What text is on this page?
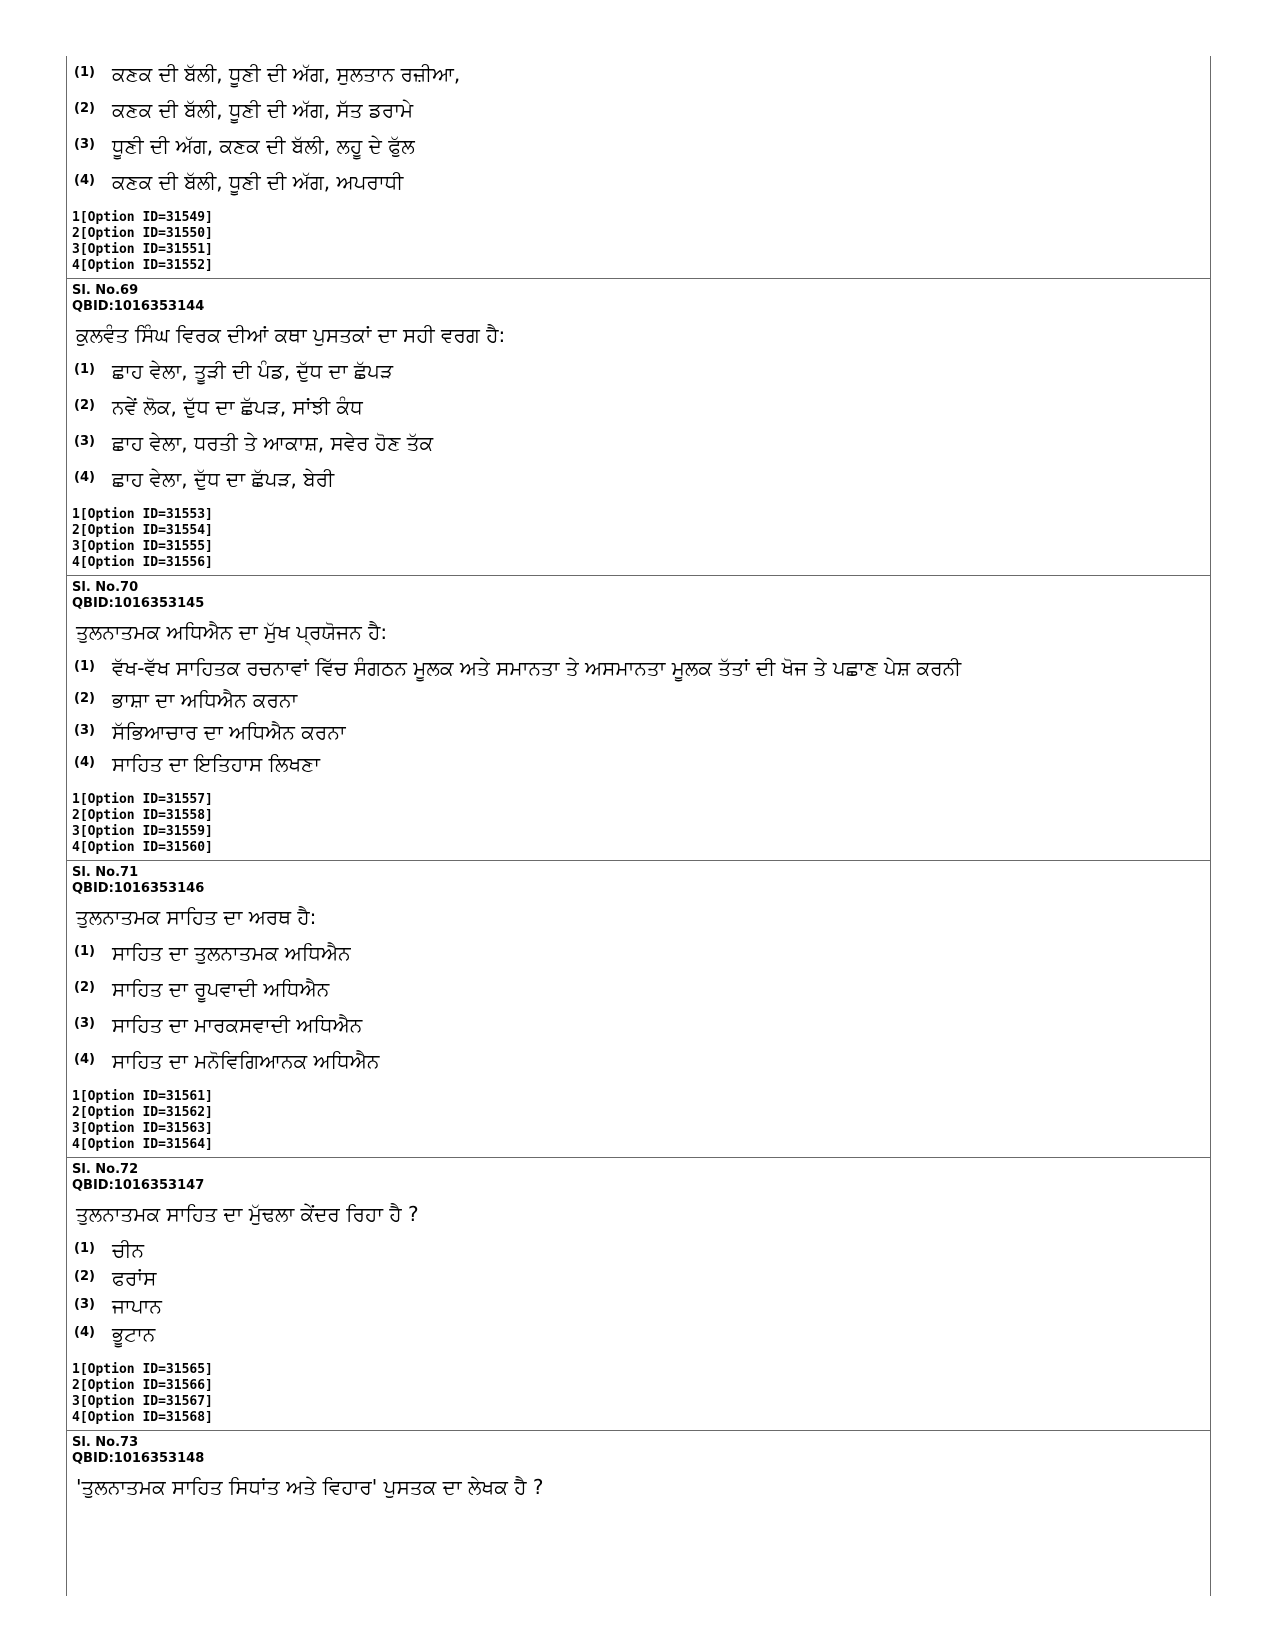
(1) ਕਣਕ ਦੀ ਬੱਲੀ, ਧੂਣੀ ਦੀ ਅੱਗ, ਸੁਲਤਾਨ ਰਜ਼ੀਆ,
(2) ਕਣਕ ਦੀ ਬੱਲੀ, ਧੂਣੀ ਦੀ ਅੱਗ, ਸੱਤ ਡਰਾਮੇ
(3) ਧੂਣੀ ਦੀ ਅੱਗ, ਕਣਕ ਦੀ ਬੱਲੀ, ਲਹੂ ਦੇ ਫੁੱਲ
(4) ਕਣਕ ਦੀ ਬੱਲੀ, ਧੂਣੀ ਦੀ ਅੱਗ, ਅਪਰਾਧੀ
1[Option ID=31549]
2[Option ID=31550]
3[Option ID=31551]
4[Option ID=31552]
Sl. No.69
QBID:1016353144
ਕੁਲਵੰਤ ਸਿੰਘ ਵਿਰਕ ਦੀਆਂ ਕਥਾ ਪੁਸਤਕਾਂ ਦਾ ਸਹੀ ਵਰਗ ਹੈ:
(1) ਛਾਹ ਵੇਲਾ, ਤੂੜੀ ਦੀ ਪੰਡ, ਦੁੱਧ ਦਾ ਛੱਪੜ
(2) ਨਵੇਂ ਲੋਕ, ਦੁੱਧ ਦਾ ਛੱਪੜ, ਸਾਂਝੀ ਕੰਧ
(3) ਛਾਹ ਵੇਲਾ, ਧਰਤੀ ਤੇ ਆਕਾਸ਼, ਸਵੇਰ ਹੋਣ ਤੱਕ
(4) ਛਾਹ ਵੇਲਾ, ਦੁੱਧ ਦਾ ਛੱਪੜ, ਬੇਰੀ
1[Option ID=31553]
2[Option ID=31554]
3[Option ID=31555]
4[Option ID=31556]
Sl. No.70
QBID:1016353145
ਤੁਲਨਾਤਮਕ ਅਧਿਐਨ ਦਾ ਮੁੱਖ ਪ੍ਰਯੋਜਨ ਹੈ:
(1) ਵੱਖ-ਵੱਖ ਸਾਹਿਤਕ ਰਚਨਾਵਾਂ ਵਿੱਚ ਸੰਗਠਨ ਮੂਲਕ ਅਤੇ ਸਮਾਨਤਾ ਤੇ ਅਸਮਾਨਤਾ ਮੂਲਕ ਤੱਤਾਂ ਦੀ ਖੋਜ ਤੇ ਪਛਾਣ ਪੇਸ਼ ਕਰਨੀ
(2) ਭਾਸ਼ਾ ਦਾ ਅਧਿਐਨ ਕਰਨਾ
(3) ਸੱਭਿਆਚਾਰ ਦਾ ਅਧਿਐਨ ਕਰਨਾ
(4) ਸਾਹਿਤ ਦਾ ਇਤਿਹਾਸ ਲਿਖਣਾ
1[Option ID=31557]
2[Option ID=31558]
3[Option ID=31559]
4[Option ID=31560]
Sl. No.71
QBID:1016353146
ਤੁਲਨਾਤਮਕ ਸਾਹਿਤ ਦਾ ਅਰਥ ਹੈ:
(1) ਸਾਹਿਤ ਦਾ ਤੁਲਨਾਤਮਕ ਅਧਿਐਨ
(2) ਸਾਹਿਤ ਦਾ ਰੂਪਵਾਦੀ ਅਧਿਐਨ
(3) ਸਾਹਿਤ ਦਾ ਮਾਰਕਸਵਾਦੀ ਅਧਿਐਨ
(4) ਸਾਹਿਤ ਦਾ ਮਨੋਵਿਗਿਆਨਕ ਅਧਿਐਨ
1[Option ID=31561]
2[Option ID=31562]
3[Option ID=31563]
4[Option ID=31564]
Sl. No.72
QBID:1016353147
ਤੁਲਨਾਤਮਕ ਸਾਹਿਤ ਦਾ ਮੁੱਢਲਾ ਕੇਂਦਰ ਰਿਹਾ ਹੈ ?
(1) ਚੀਨ
(2) ਫਰਾਂਸ
(3) ਜਾਪਾਨ
(4) ਭੂਟਾਨ
1[Option ID=31565]
2[Option ID=31566]
3[Option ID=31567]
4[Option ID=31568]
Sl. No.73
QBID:1016353148
'ਤੁਲਨਾਤਮਕ ਸਾਹਿਤ ਸਿਧਾਂਤ ਅਤੇ ਵਿਹਾਰ' ਪੁਸਤਕ ਦਾ ਲੇਖਕ ਹੈ ?
